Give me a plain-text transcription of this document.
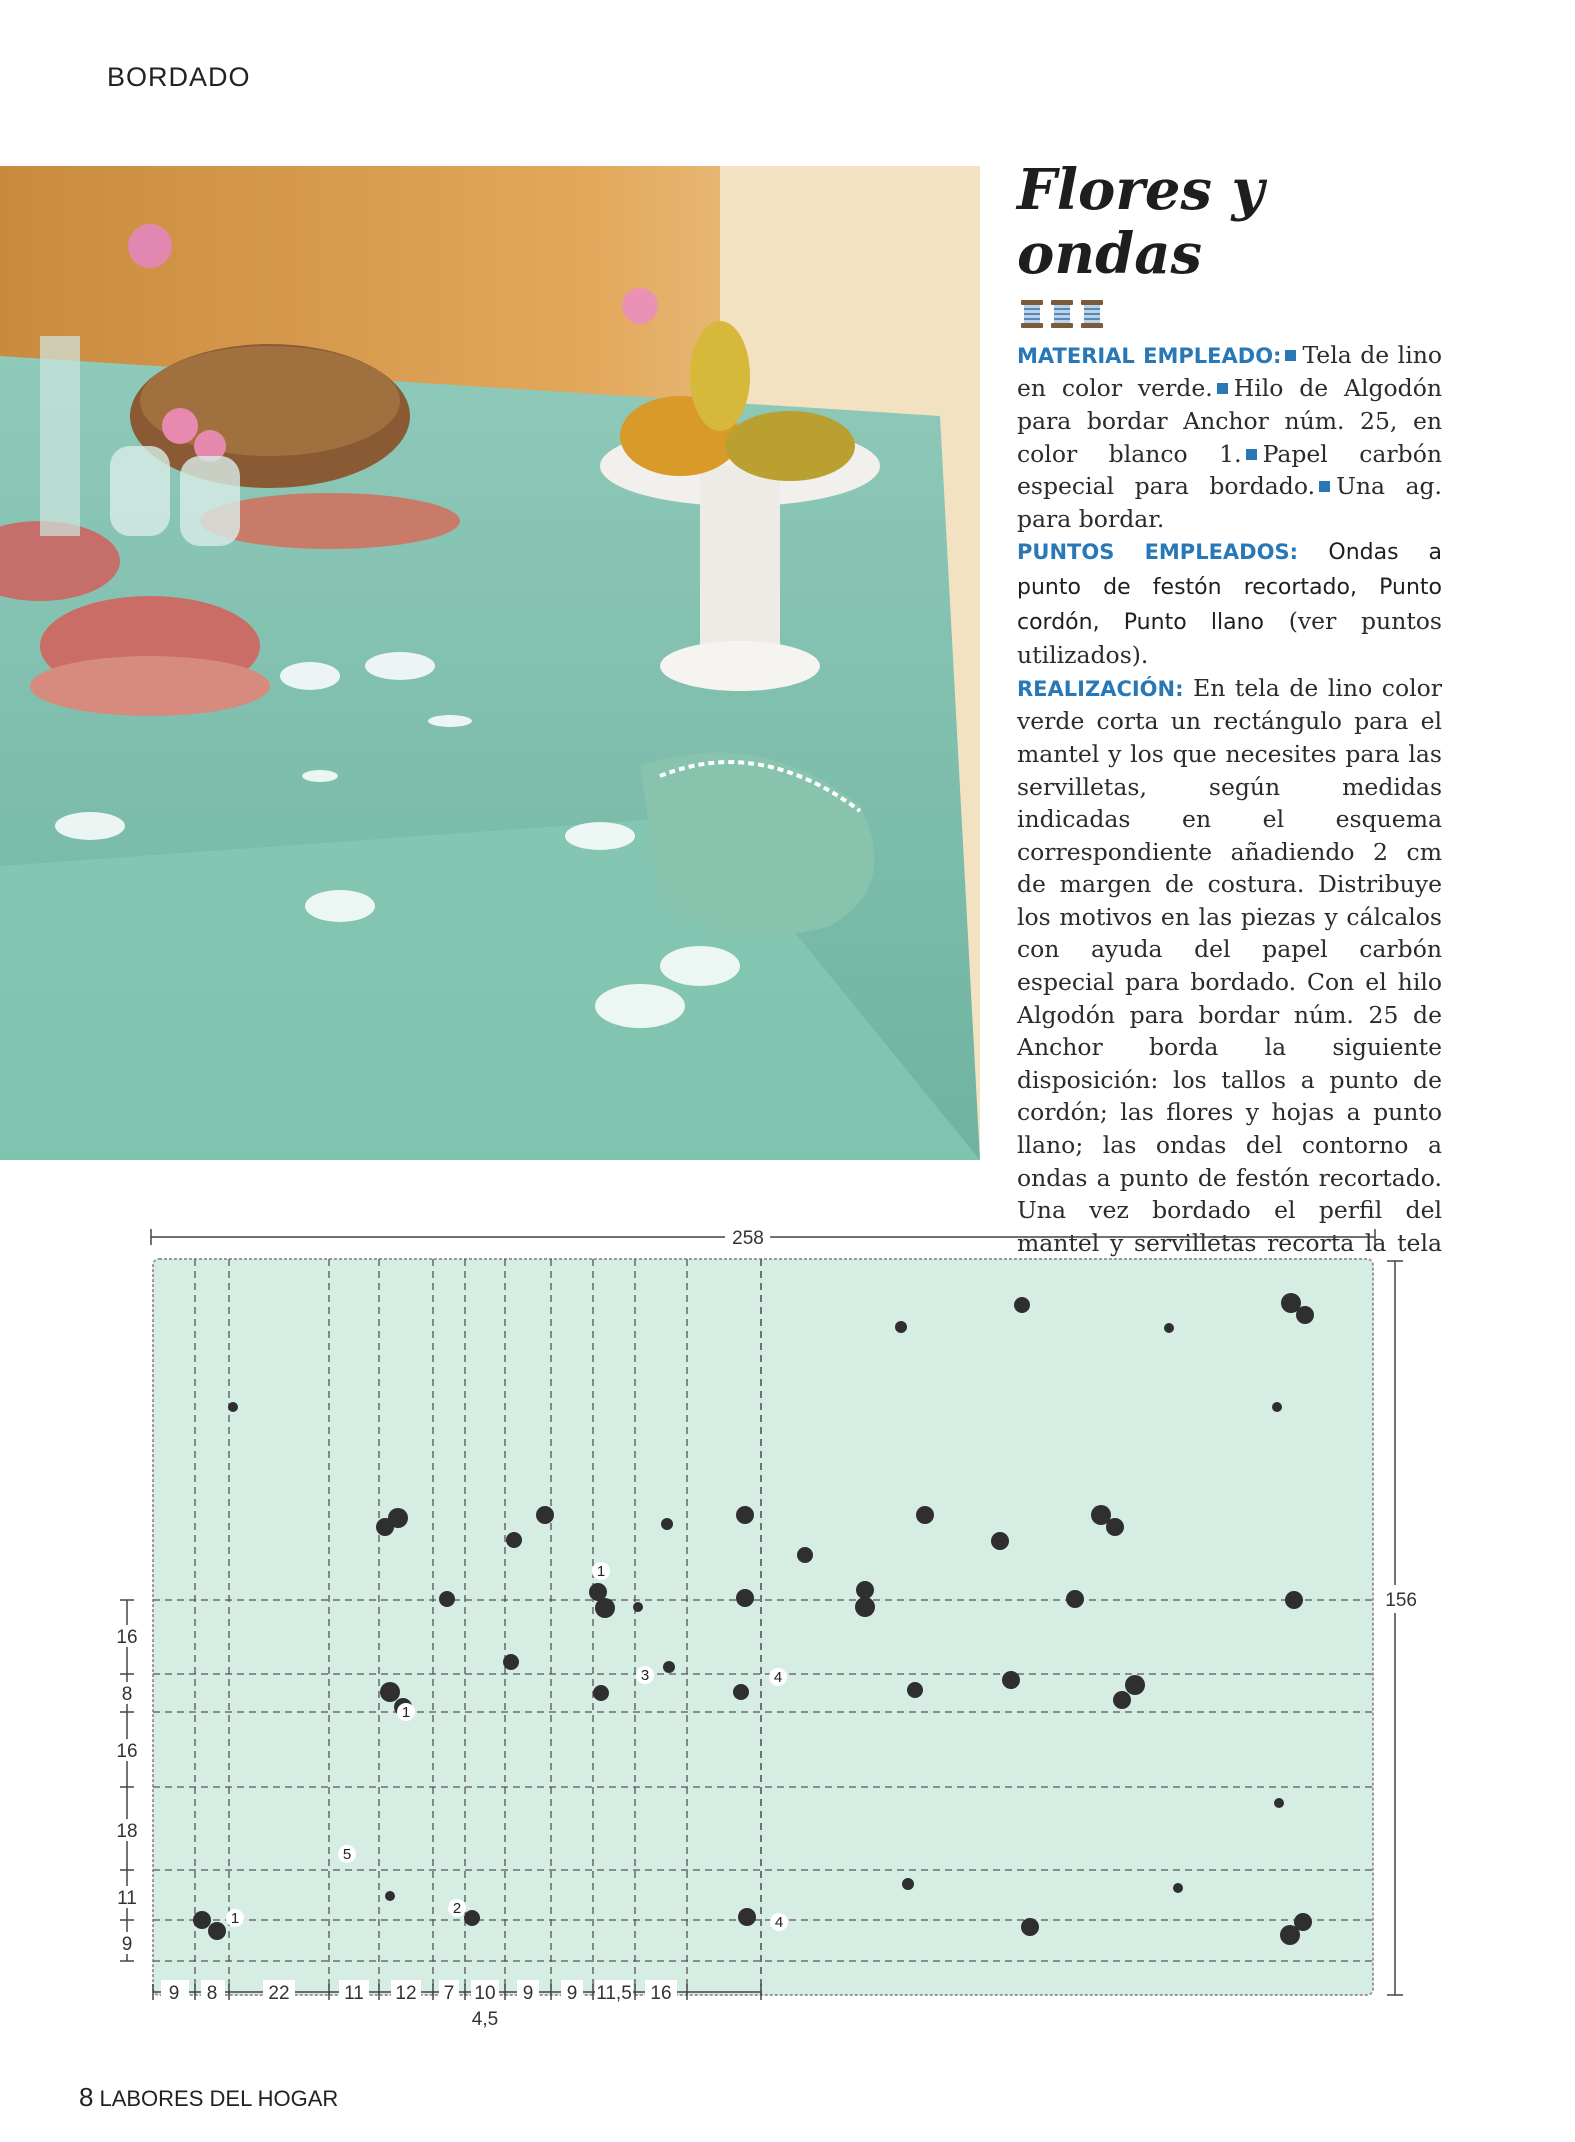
BORDADO
Flores y ondas
MATERIAL EMPLEADO: Tela de lino en color verde. Hilo de Algodón para bordar Anchor núm. 25, en color blanco 1. Papel carbón especial para bordado. Una ag. para bordar.
PUNTOS EMPLEADOS: Ondas a punto de festón recortado, Punto cordón, Punto llano (ver puntos utilizados).
REALIZACIÓN: En tela de lino color verde corta un rectángulo para el mantel y los que necesites para las servilletas, según medidas indicadas en el esquema correspondiente añadiendo 2 cm de margen de costura. Distribuye los motivos en las piezas y cálcalos con ayuda del papel carbón especial para bordado. Con el hilo Algodón para bordar núm. 25 de Anchor borda la siguiente disposición: los tallos a punto de cordón; las flores y hojas a punto llano; las ondas del contorno a ondas a punto de festón recortado. Una vez bordado el perfil del mantel y servilletas recorta tela
258
156
1
1
3	4
5
1
2
4
16
8
16
18
11
9
9 8	22	11 12 7 10 9 9 11,5 16
4,5
8 LABORES DEL HOGAR
